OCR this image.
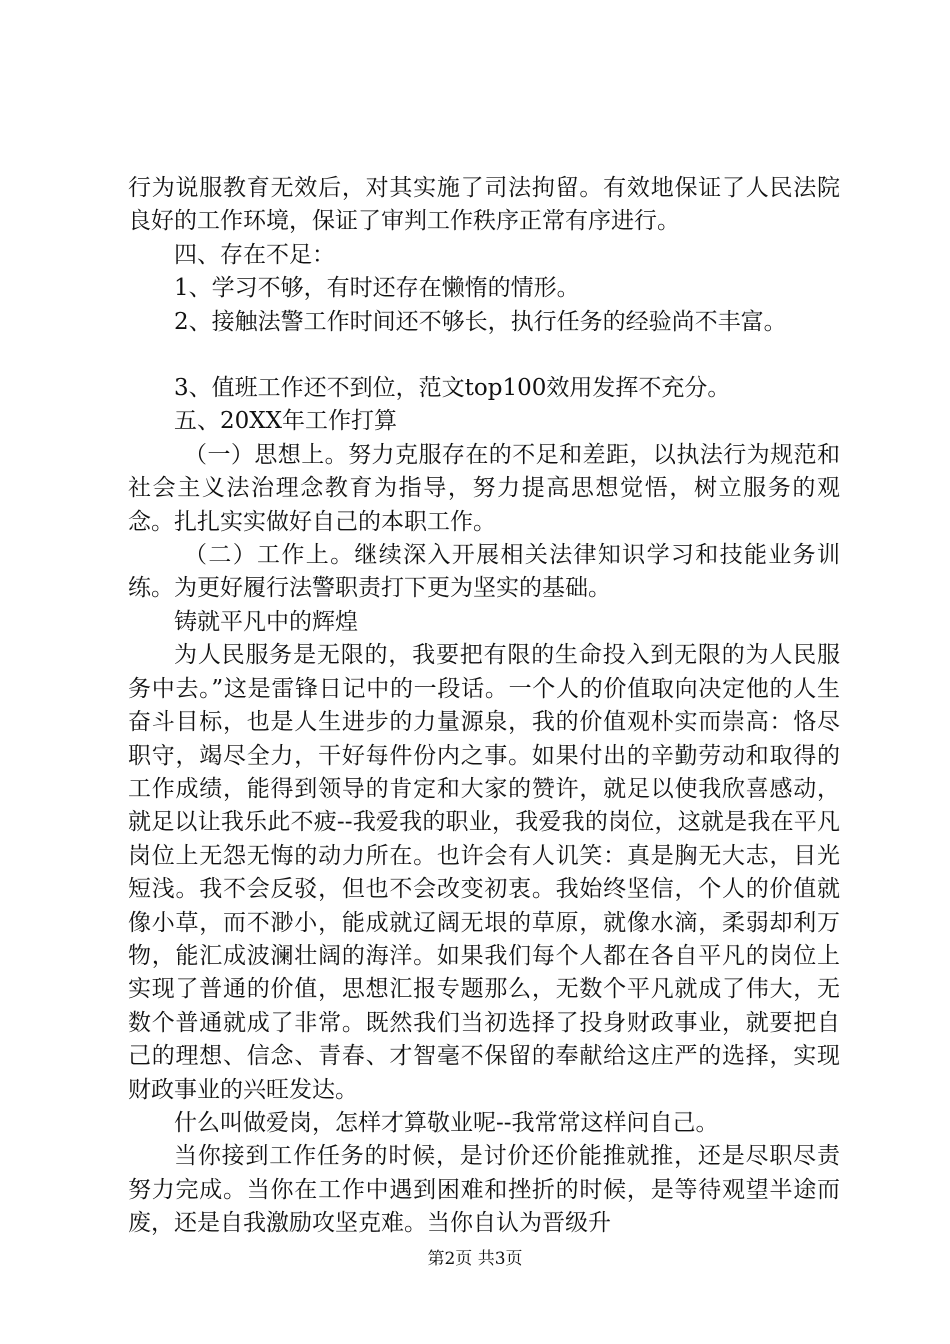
行为说服教育无效后，对其实施了司法拘留。有效地保证了人民法院良好的工作环境，保证了审判工作秩序正常有序进行。

四、存在不足：

1、学习不够，有时还存在懒惰的情形。

2、接触法警工作时间还不够长，执行任务的经验尚不丰富。

3、值班工作还不到位，范文top100效用发挥不充分。

五、20XX年工作打算

（一）思想上。努力克服存在的不足和差距，以执法行为规范和社会主义法治理念教育为指导，努力提高思想觉悟，树立服务的观念。扎扎实实做好自己的本职工作。

（二）工作上。继续深入开展相关法律知识学习和技能业务训练。为更好履行法警职责打下更为坚实的基础。

铸就平凡中的辉煌

为人民服务是无限的，我要把有限的生命投入到无限的为人民服务中去。”这是雷锋日记中的一段话。一个人的价值取向决定他的人生奋斗目标，也是人生进步的力量源泉，我的价值观朴实而崇高：恪尽职守，竭尽全力，干好每件份内之事。如果付出的辛勤劳动和取得的工作成绩，能得到领导的肯定和大家的赞许，就足以使我欣喜感动，就足以让我乐此不疲--我爱我的职业，我爱我的岗位，这就是我在平凡岗位上无怨无悔的动力所在。也许会有人讥笑：真是胸无大志，目光短浅。我不会反驳，但也不会改变初衷。我始终坚信，个人的价值就像小草，而不渺小，能成就辽阔无垠的草原，就像水滴，柔弱却利万物，能汇成波澜壮阔的海洋。如果我们每个人都在各自平凡的岗位上实现了普通的价值，思想汇报专题那么，无数个平凡就成了伟大，无数个普通就成了非常。既然我们当初选择了投身财政事业，就要把自己的理想、信念、青春、才智毫不保留的奉献给这庄严的选择，实现财政事业的兴旺发达。

什么叫做爱岗，怎样才算敬业呢--我常常这样问自己。

当你接到工作任务的时候，是讨价还价能推就推，还是尽职尽责努力完成。当你在工作中遇到困难和挫折的时候，是等待观望半途而废，还是自我激励攻坚克难。当你自认为晋级升

第2页 共3页
